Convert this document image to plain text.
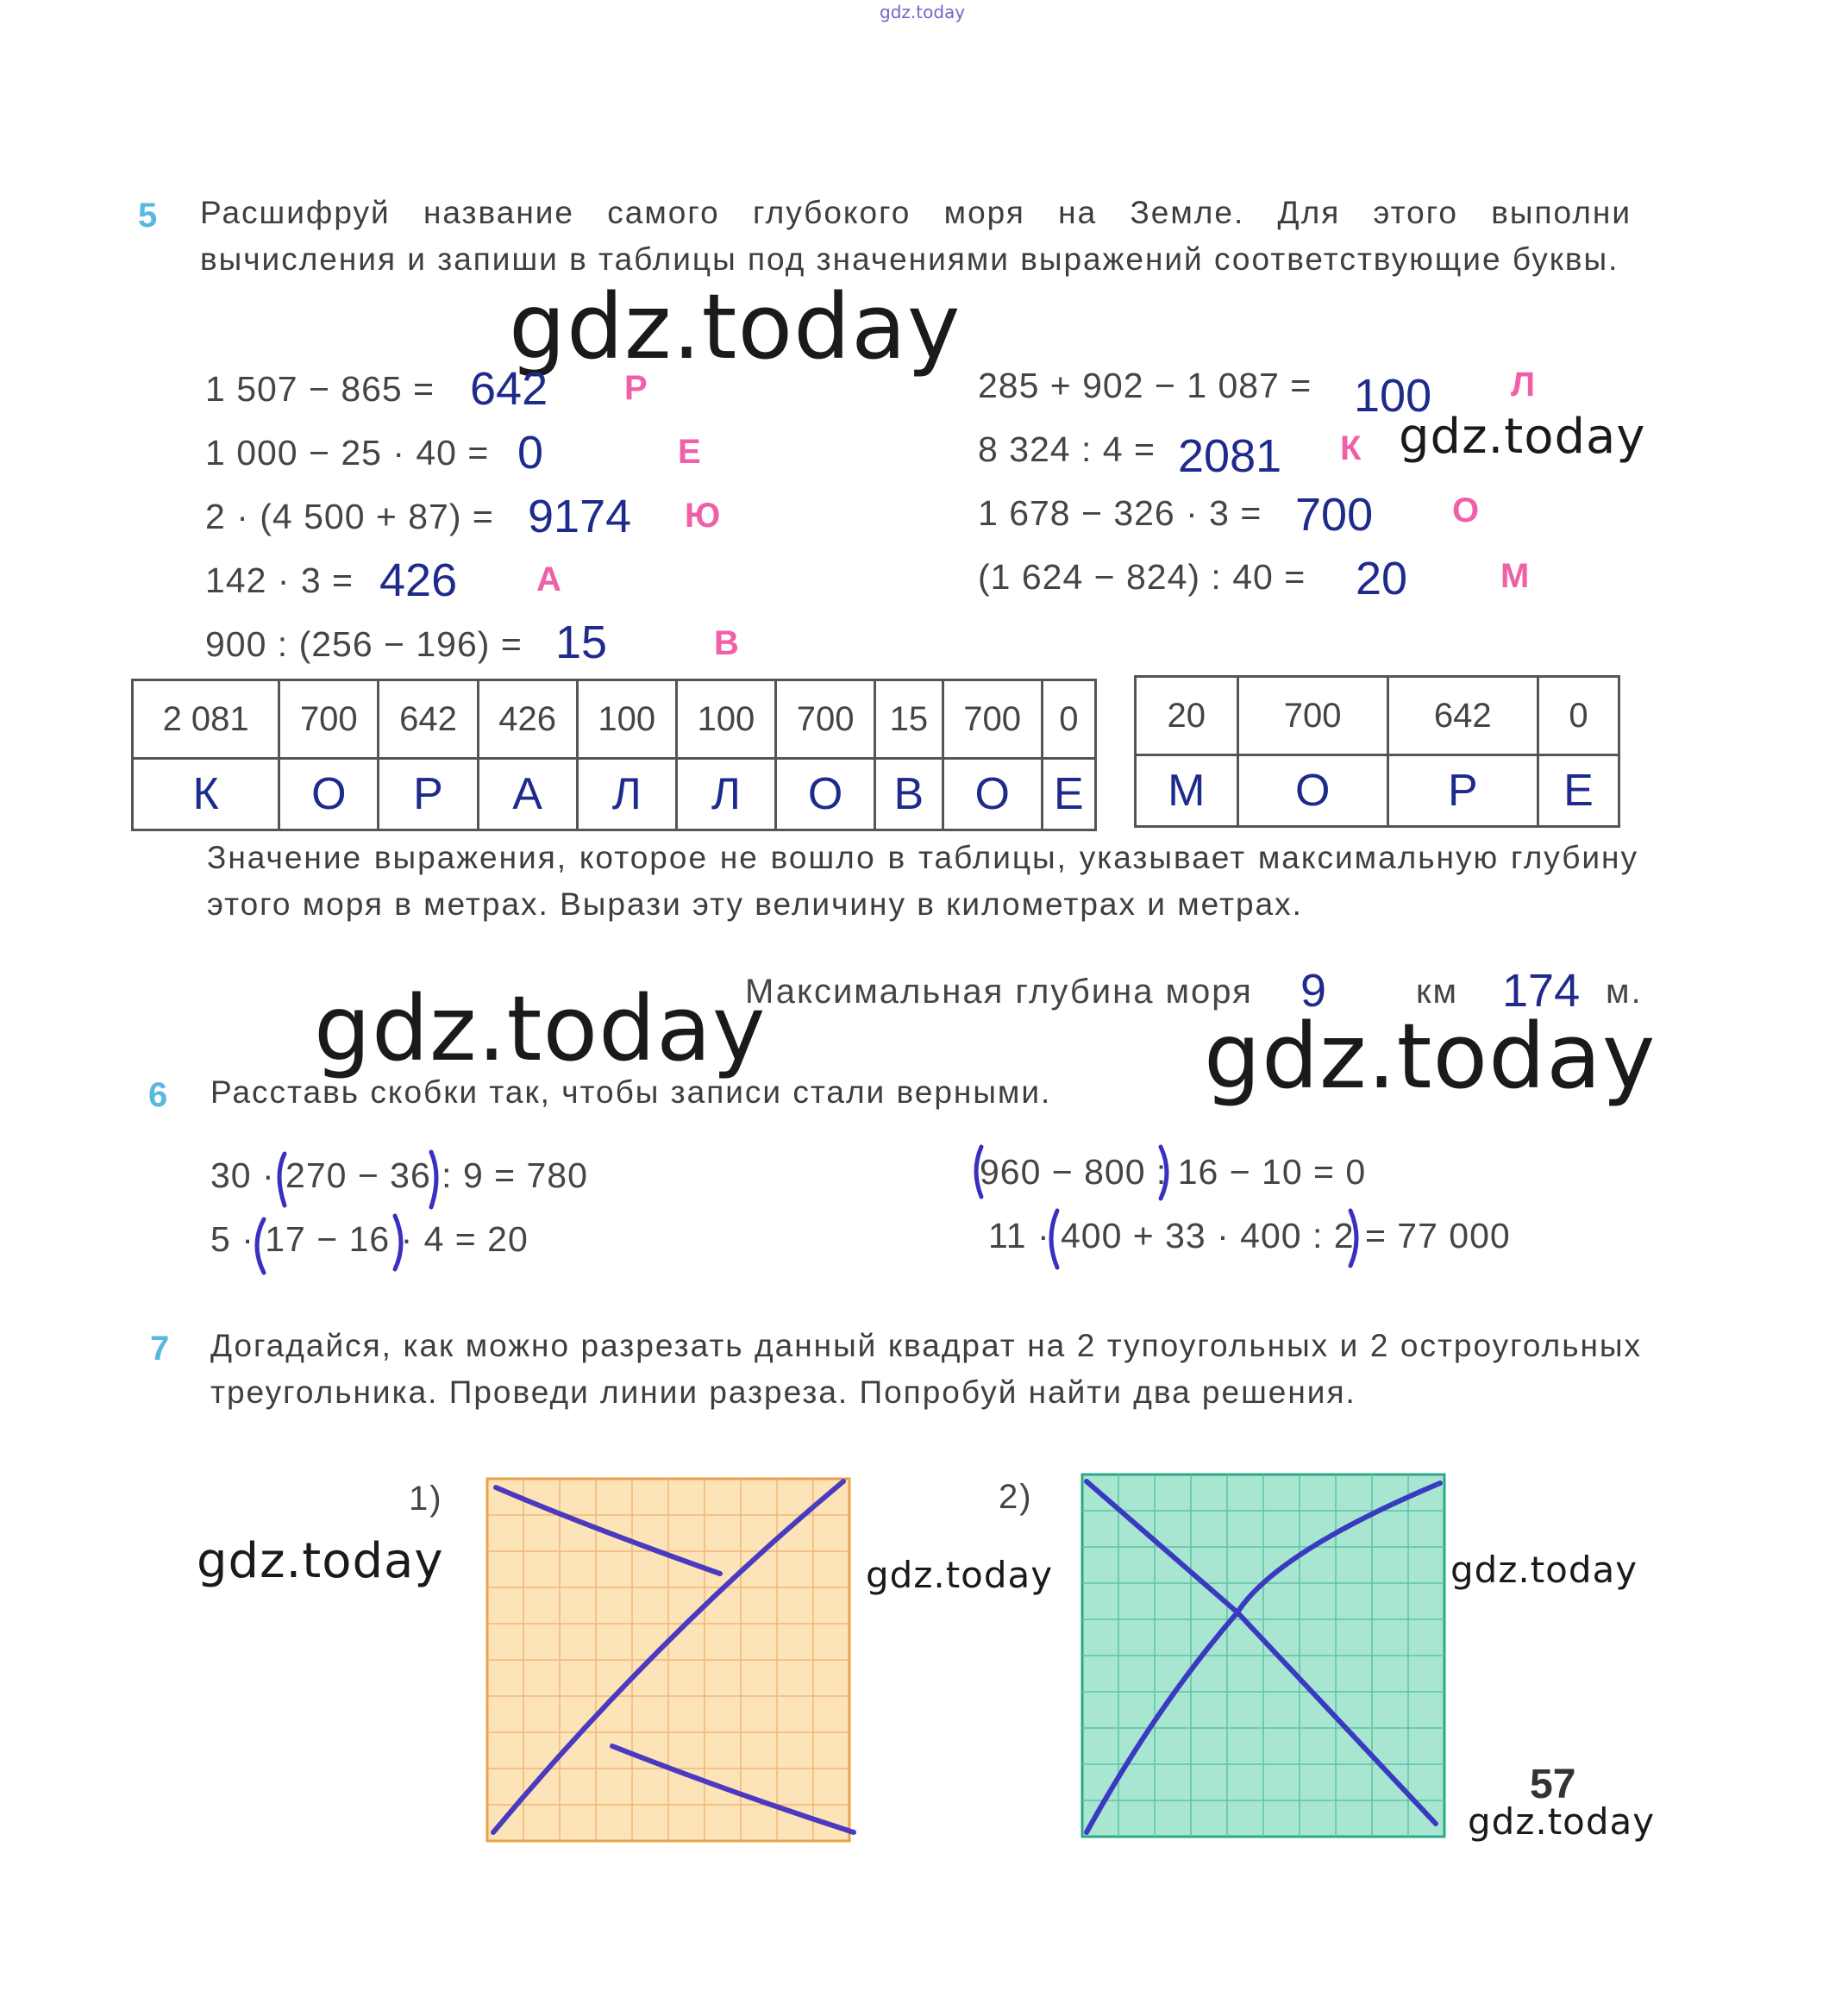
gdz.today
5 Расшифруй название самого глубокого моря на Земле. Для этого выполни вычисления и запиши в таблицы под значениями выражений соответствующие буквы.
gdz.today
1 507 − 865 = 642 Р
1 000 − 25 · 40 = 0	Е
2 · (4 500 + 87) = 9174 Ю
142 · 3 = 426 А
900 : (256 − 196) = 15	В
285 + 902 − 1 087 = 100 Л
8 324 : 4 = 2081 К gdz.today
1 678 − 326 · 3 = 700 О
(1 624 − 824) : 40 = 20	М
2 081	700	642	426	100	100	700	15	700	0
К	О	Р	А	Л	Л	О	В	О	Е
20	700	642	0
М	О	Р	Е
Значение выражения, которое не вошло в таблицы, указывает максимальную глубину этого моря в метрах. Вырази эту величину в километрах и метрах.
Максимальная глубина моря 9	км 174 м.
gdz.today	gdz.today
6 Расставь скобки так, чтобы записи стали верными.
30 · 270 − 36 : 9 = 780
5 · 17 − 16 · 4 = 20
960 − 800 : 16 − 10 = 0
11 · 400 + 33 · 400 : 2 = 77 000
7 Догадайся, как можно разрезать данный квадрат на 2 тупоугольных и 2 остроугольных треугольника. Проведи линии разреза. Попробуй найти два решения.
1)	2)
gdz.today	gdz.today	gdz.today
57
gdz.today
